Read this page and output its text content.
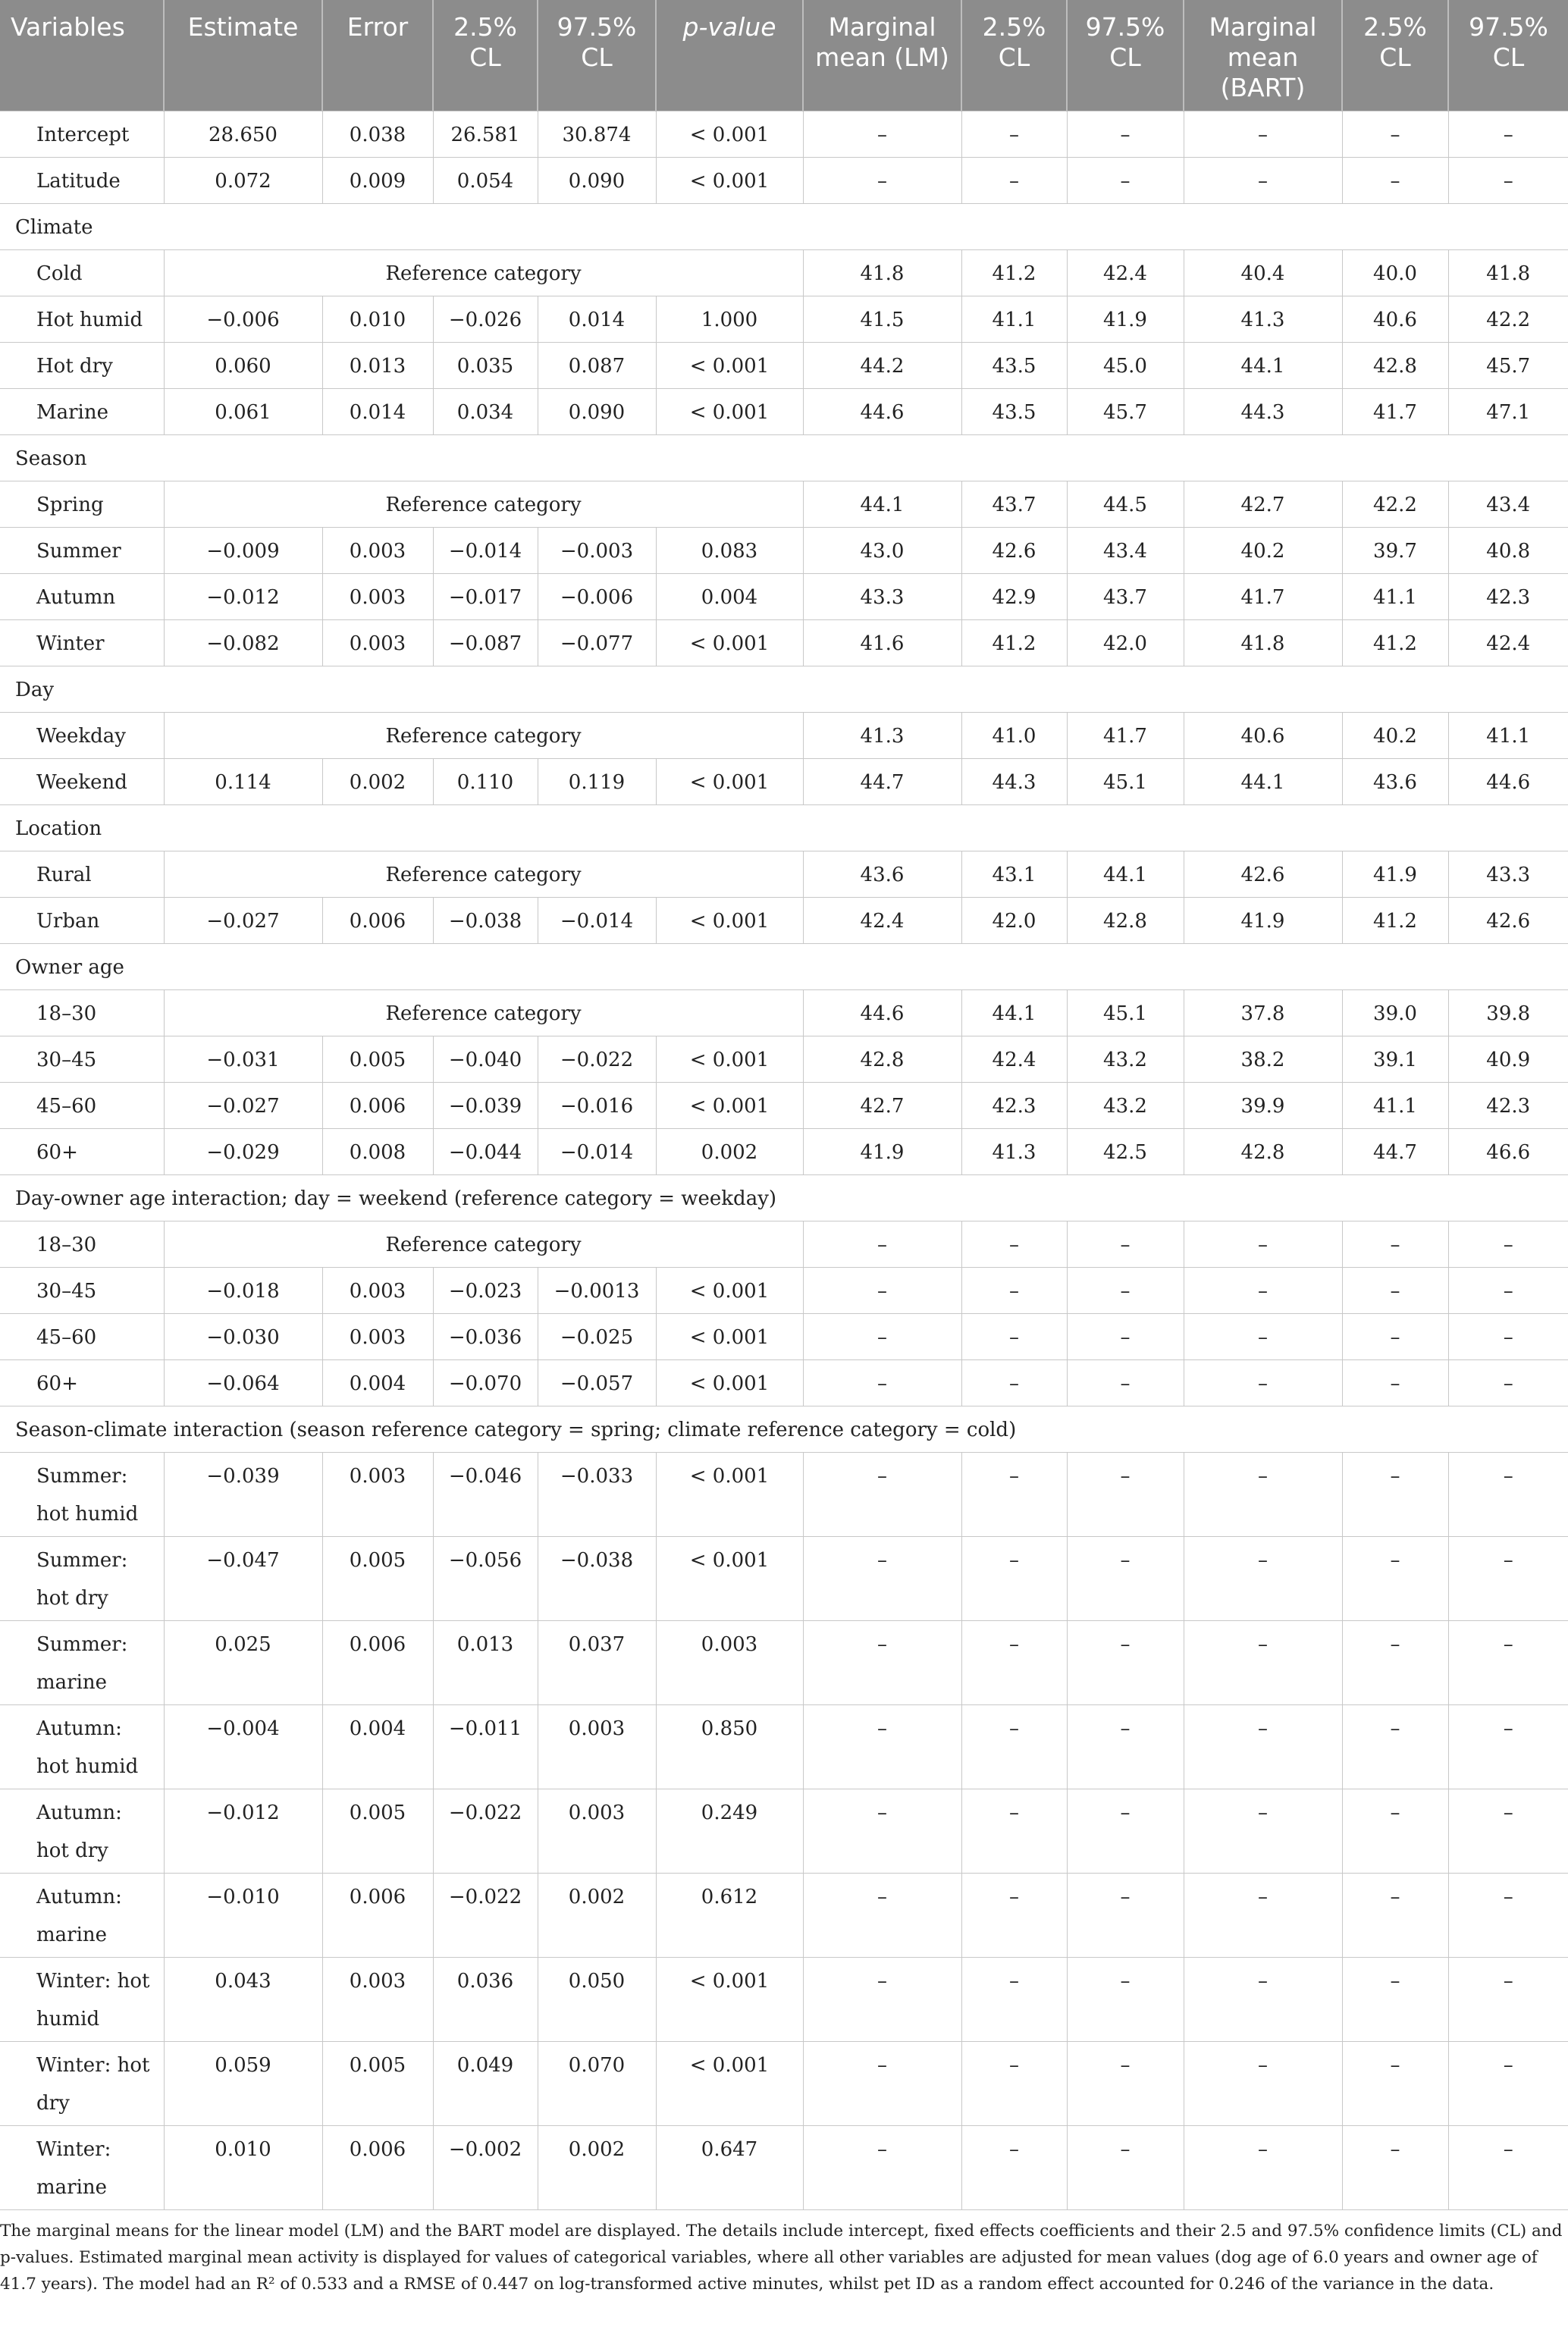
Variables	Estimate	Error	2.5% CL	97.5% CL	p-value	Marginal mean (LM)	2.5% CL	97.5% CL	Marginal mean (BART)	2.5% CL	97.5% CL
Intercept	28.650	0.038	26.581	30.874	< 0.001	–	–	–	–	–	–
Latitude	0.072	0.009	0.054	0.090	< 0.001	–	–	–	–	–	–
Climate											
Cold	Reference category					41.8	41.2	42.4	40.4	40.0	41.8
Hot humid	−0.006	0.010	−0.026	0.014	1.000	41.5	41.1	41.9	41.3	40.6	42.2
Hot dry	0.060	0.013	0.035	0.087	< 0.001	44.2	43.5	45.0	44.1	42.8	45.7
Marine	0.061	0.014	0.034	0.090	< 0.001	44.6	43.5	45.7	44.3	41.7	47.1
Season											
Spring	Reference category					44.1	43.7	44.5	42.7	42.2	43.4
Summer	−0.009	0.003	−0.014	−0.003	0.083	43.0	42.6	43.4	40.2	39.7	40.8
Autumn	−0.012	0.003	−0.017	−0.006	0.004	43.3	42.9	43.7	41.7	41.1	42.3
Winter	−0.082	0.003	−0.087	−0.077	< 0.001	41.6	41.2	42.0	41.8	41.2	42.4
Day											
Weekday	Reference category					41.3	41.0	41.7	40.6	40.2	41.1
Weekend	0.114	0.002	0.110	0.119	< 0.001	44.7	44.3	45.1	44.1	43.6	44.6
Location											
Rural	Reference category					43.6	43.1	44.1	42.6	41.9	43.3
Urban	−0.027	0.006	−0.038	−0.014	< 0.001	42.4	42.0	42.8	41.9	41.2	42.6
Owner age											
18–30	Reference category					44.6	44.1	45.1	37.8	39.0	39.8
30–45	−0.031	0.005	−0.040	−0.022	< 0.001	42.8	42.4	43.2	38.2	39.1	40.9
45–60	−0.027	0.006	−0.039	−0.016	< 0.001	42.7	42.3	43.2	39.9	41.1	42.3
60+	−0.029	0.008	−0.044	−0.014	0.002	41.9	41.3	42.5	42.8	44.7	46.6
Day-owner age interaction; day = weekend (reference category = weekday)											
18–30	Reference category					–	–	–	–	–	–
30–45	−0.018	0.003	−0.023	−0.0013	< 0.001	–	–	–	–	–	–
45–60	−0.030	0.003	−0.036	−0.025	< 0.001	–	–	–	–	–	–
60+	−0.064	0.004	−0.070	−0.057	< 0.001	–	–	–	–	–	–
Season-climate interaction (season reference category = spring; climate reference category = cold)											
Summer: hot humid	−0.039	0.003	−0.046	−0.033	< 0.001	–	–	–	–	–	–
Summer: hot dry	−0.047	0.005	−0.056	−0.038	< 0.001	–	–	–	–	–	–
Summer: marine	0.025	0.006	0.013	0.037	0.003	–	–	–	–	–	–
Autumn: hot humid	−0.004	0.004	−0.011	0.003	0.850	–	–	–	–	–	–
Autumn: hot dry	−0.012	0.005	−0.022	0.003	0.249	–	–	–	–	–	–
Autumn: marine	−0.010	0.006	−0.022	0.002	0.612	–	–	–	–	–	–
Winter: hot humid	0.043	0.003	0.036	0.050	< 0.001	–	–	–	–	–	–
Winter: hot dry	0.059	0.005	0.049	0.070	< 0.001	–	–	–	–	–	–
Winter: marine	0.010	0.006	−0.002	0.002	0.647	–	–	–	–	–	–
The marginal means for the linear model (LM) and the BART model are displayed. The details include intercept, fixed effects coefficients and their 2.5 and 97.5% confidence limits (CL) and
p-values. Estimated marginal mean activity is displayed for values of categorical variables, where all other variables are adjusted for mean values (dog age of 6.0 years and owner age of
41.7 years). The model had an R² of 0.533 and a RMSE of 0.447 on log-transformed active minutes, whilst pet ID as a random effect accounted for 0.246 of the variance in the data.
